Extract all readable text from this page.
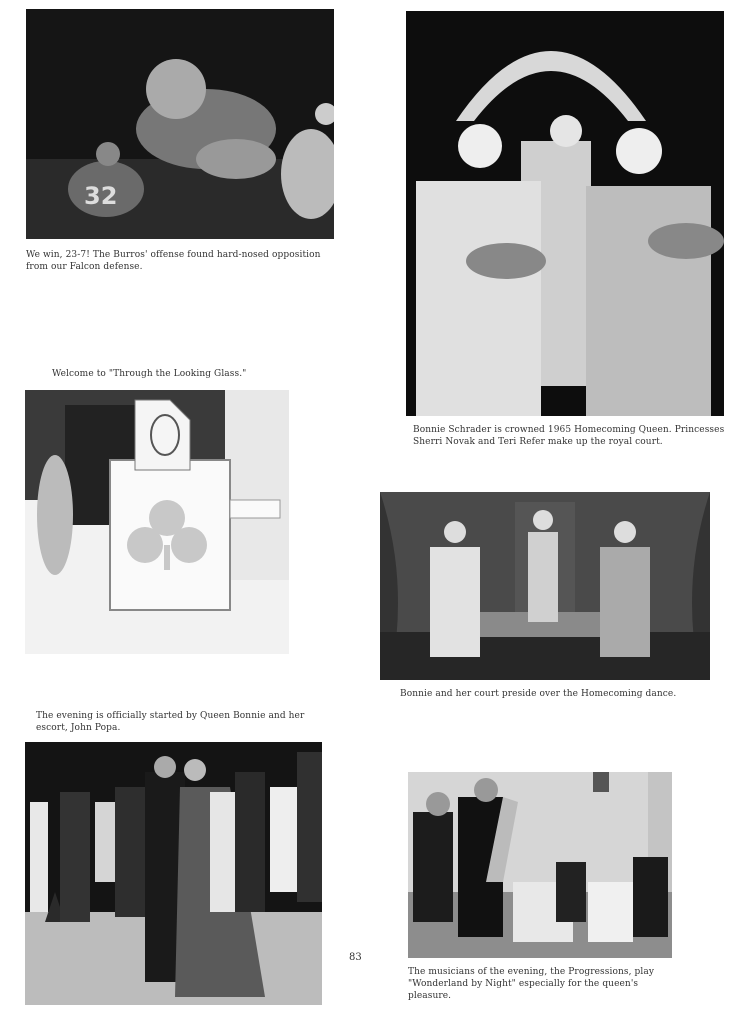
32
We win, 23-7! The Burros' offense found hard-nosed opposition from our Falcon defense.
Bonnie Schrader is crowned 1965 Homecoming Queen. Princesses Sherri Novak and Teri Refer make up the royal court.
Welcome to "Through the Looking Glass."
Bonnie and her court preside over the Homecoming dance.
The evening is officially started by Queen Bonnie and her escort, John Popa.
83
The musicians of the evening, the Progressions, play "Wonderland by Night" especially for the queen's pleasure.
